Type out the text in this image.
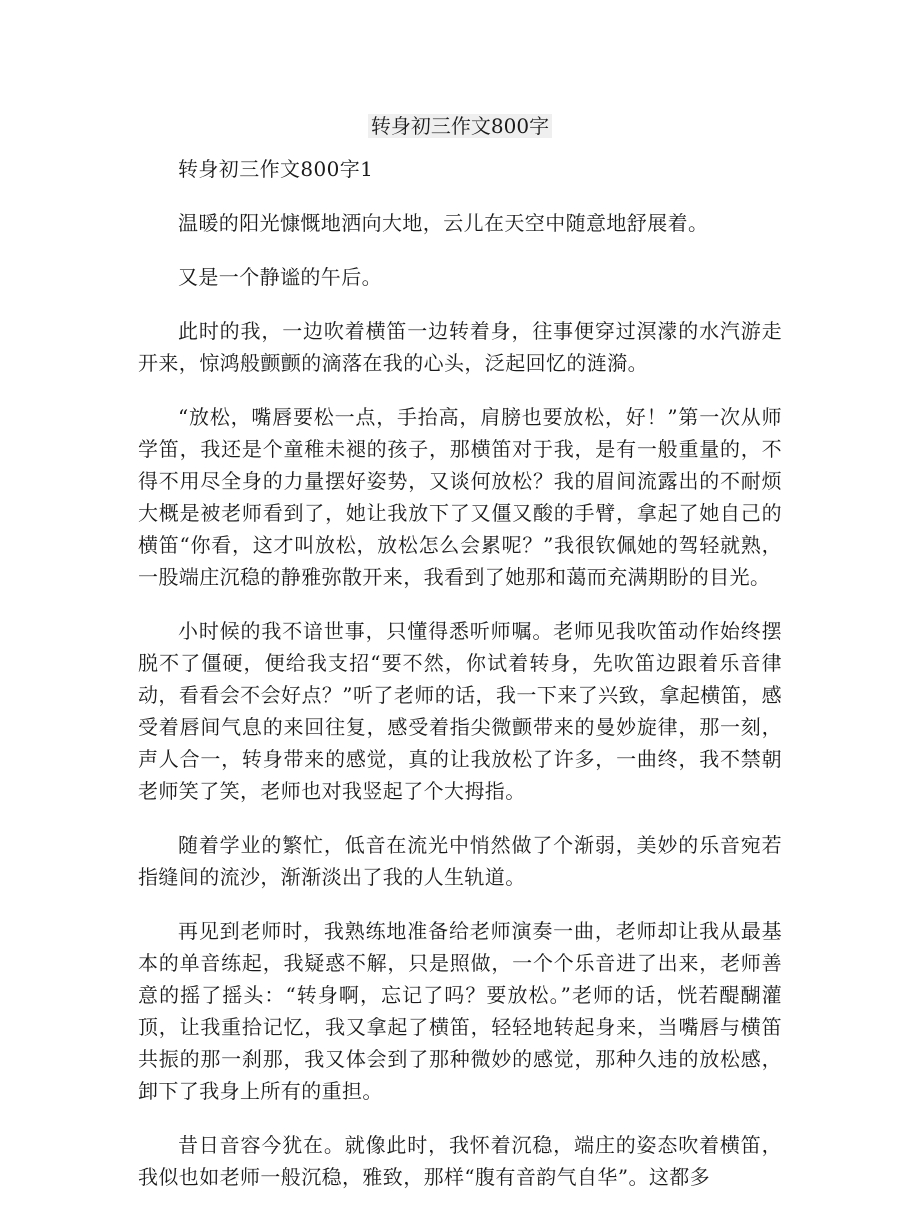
转身初三作文800字

转身初三作文800字1

温暖的阳光慷慨地洒向大地，云儿在天空中随意地舒展着。

又是一个静谧的午后。

此时的我，一边吹着横笛一边转着身，往事便穿过溟濛的水汽游走开来，惊鸿般颤颤的滴落在我的心头，泛起回忆的涟漪。

“放松，嘴唇要松一点，手抬高，肩膀也要放松，好！”第一次从师学笛，我还是个童稚未褪的孩子，那横笛对于我，是有一般重量的，不得不用尽全身的力量摆好姿势，又谈何放松？我的眉间流露出的不耐烦大概是被老师看到了，她让我放下了又僵又酸的手臂，拿起了她自己的横笛“你看，这才叫放松，放松怎么会累呢？”我很钦佩她的驾轻就熟，一股端庄沉稳的静雅弥散开来，我看到了她那和蔼而充满期盼的目光。

小时候的我不谙世事，只懂得悉听师嘱。老师见我吹笛动作始终摆脱不了僵硬，便给我支招“要不然，你试着转身，先吹笛边跟着乐音律动，看看会不会好点？”听了老师的话，我一下来了兴致，拿起横笛，感受着唇间气息的来回往复，感受着指尖微颤带来的曼妙旋律，那一刻，声人合一，转身带来的感觉，真的让我放松了许多，一曲终，我不禁朝老师笑了笑，老师也对我竖起了个大拇指。

随着学业的繁忙，低音在流光中悄然做了个渐弱，美妙的乐音宛若指缝间的流沙，渐渐淡出了我的人生轨道。

再见到老师时，我熟练地准备给老师演奏一曲，老师却让我从最基本的单音练起，我疑惑不解，只是照做，一个个乐音进了出来，老师善意的摇了摇头：“转身啊，忘记了吗？要放松。”老师的话，恍若醍醐灌顶，让我重拾记忆，我又拿起了横笛，轻轻地转起身来，当嘴唇与横笛共振的那一刹那，我又体会到了那种微妙的感觉，那种久违的放松感，卸下了我身上所有的重担。

昔日音容今犹在。就像此时，我怀着沉稳，端庄的姿态吹着横笛，我似也如老师一般沉稳，雅致，那样“腹有音韵气自华”。这都多
